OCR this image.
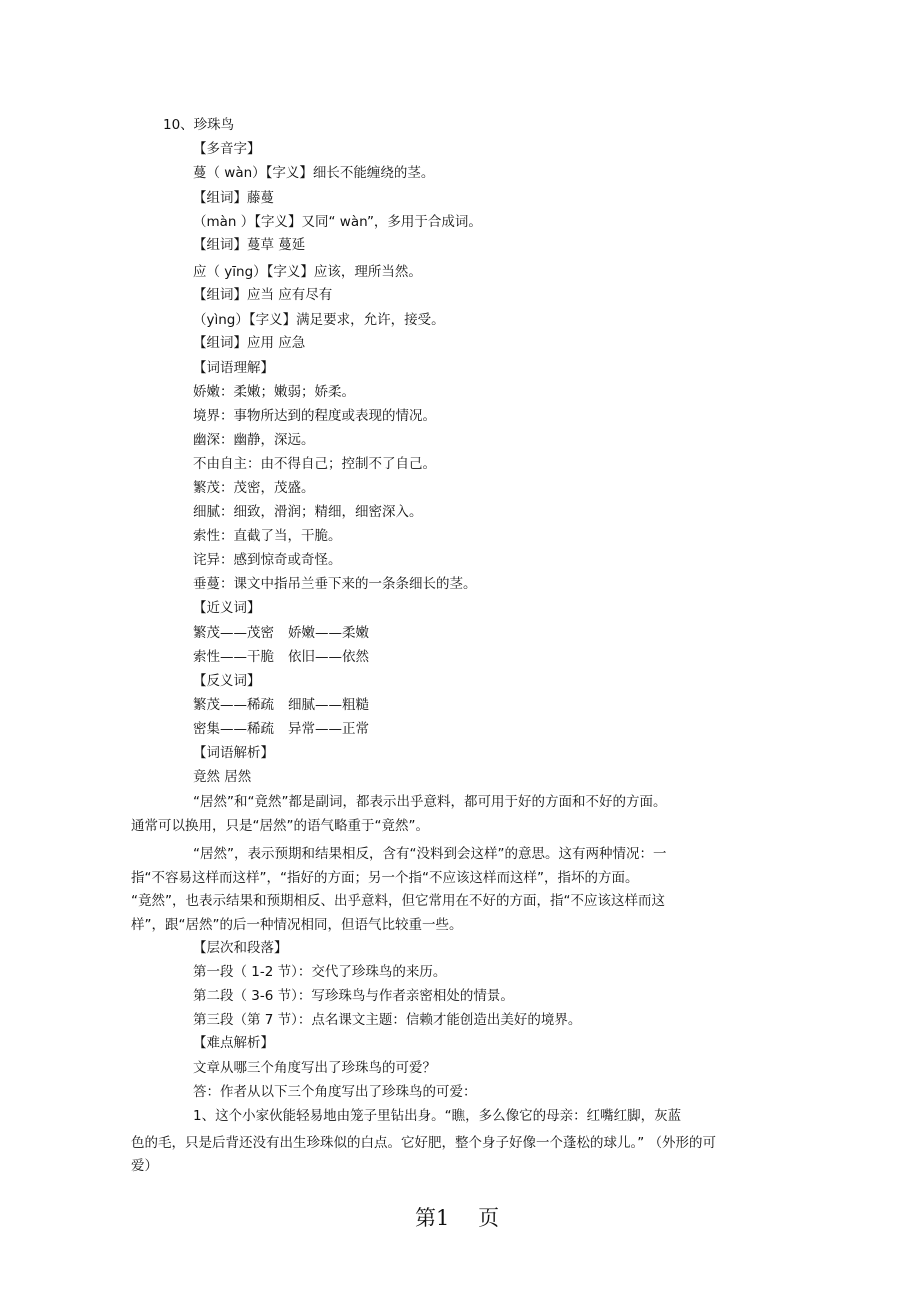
10、珍珠鸟
【多音字】
蔓（ wàn）【字义】细长不能缠绕的茎。
【组词】藤蔓
（màn ）【字义】又同“ wàn”，多用于合成词。
【组词】蔓草 蔓延
应（ yīng）【字义】应该，理所当然。
【组词】应当 应有尽有
（yìng）【字义】满足要求，允许，接受。
【组词】应用 应急
【词语理解】
娇嫩：柔嫩；嫩弱；娇柔。
境界：事物所达到的程度或表现的情况。
幽深：幽静，深远。
不由自主：由不得自己；控制不了自己。
繁茂：茂密，茂盛。
细腻：细致，滑润；精细，细密深入。
索性：直截了当，干脆。
诧异：感到惊奇或奇怪。
垂蔓：课文中指吊兰垂下来的一条条细长的茎。
【近义词】
繁茂——茂密 娇嫩——柔嫩
索性——干脆 依旧——依然
【反义词】
繁茂——稀疏 细腻——粗糙
密集——稀疏 异常——正常
【词语解析】
竟然 居然
“居然”和“竟然”都是副词，都表示出乎意料，都可用于好的方面和不好的方面。
通常可以换用，只是“居然”的语气略重于“竟然”。
“居然”，表示预期和结果相反，含有“没料到会这样”的意思。这有两种情况：一
指“不容易这样而这样”，“指好的方面；另一个指“不应该这样而这样”，指坏的方面。
“竟然”，也表示结果和预期相反、出乎意料，但它常用在不好的方面，指“不应该这样而这
样”，跟“居然”的后一种情况相同，但语气比较重一些。
【层次和段落】
第一段（ 1-2 节）：交代了珍珠鸟的来历。
第二段（ 3-6 节）：写珍珠鸟与作者亲密相处的情景。
第三段（第 7 节）：点名课文主题：信赖才能创造出美好的境界。
【难点解析】
文章从哪三个角度写出了珍珠鸟的可爱？
答：作者从以下三个角度写出了珍珠鸟的可爱：
1、这个小家伙能轻易地由笼子里钻出身。“瞧，多么像它的母亲：红嘴红脚，灰蓝
色的毛，只是后背还没有出生珍珠似的白点。它好肥，整个身子好像一个蓬松的球儿。” （外形的可
爱）
第1 页
